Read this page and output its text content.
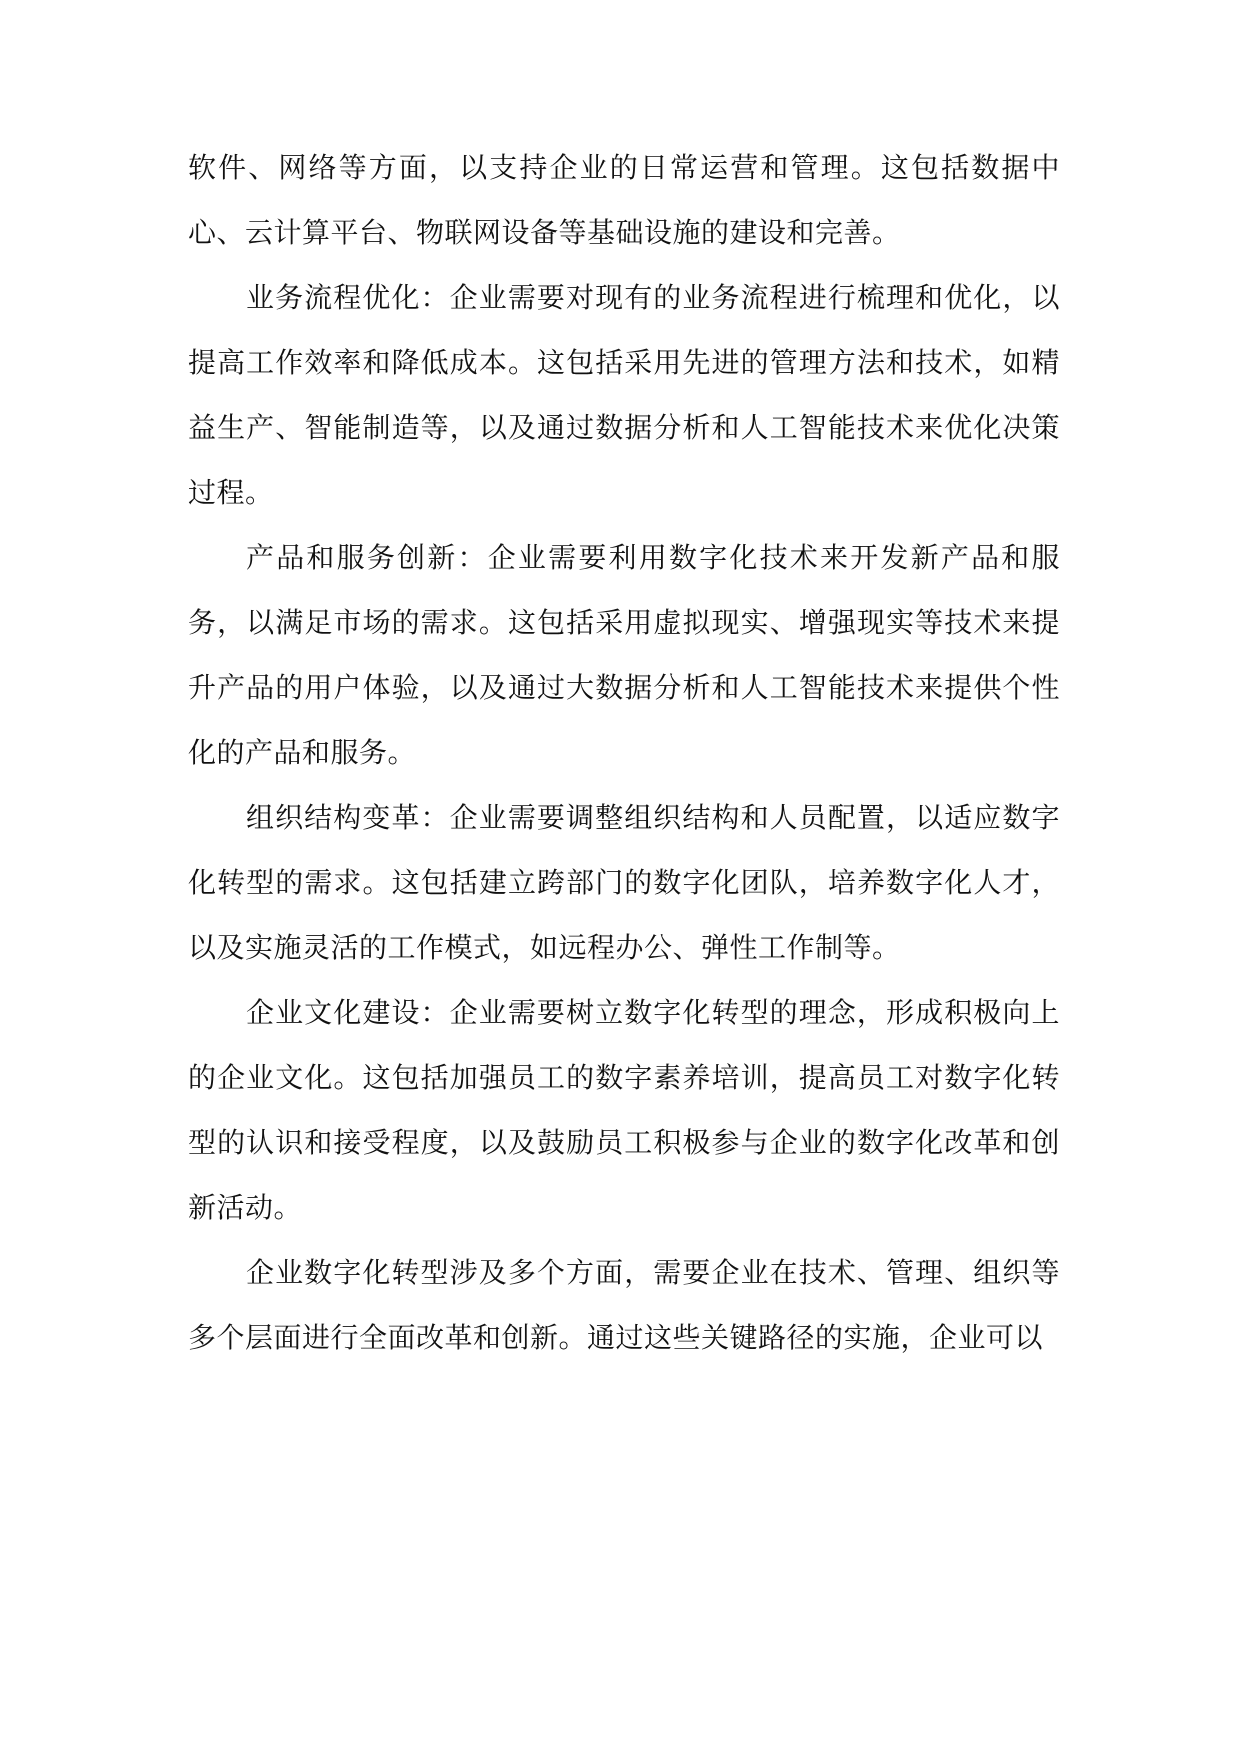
软件、网络等方面，以支持企业的日常运营和管理。这包括数据中心、云计算平台、物联网设备等基础设施的建设和完善。

业务流程优化：企业需要对现有的业务流程进行梳理和优化，以提高工作效率和降低成本。这包括采用先进的管理方法和技术，如精益生产、智能制造等，以及通过数据分析和人工智能技术来优化决策过程。

产品和服务创新：企业需要利用数字化技术来开发新产品和服务，以满足市场的需求。这包括采用虚拟现实、增强现实等技术来提升产品的用户体验，以及通过大数据分析和人工智能技术来提供个性化的产品和服务。

组织结构变革：企业需要调整组织结构和人员配置，以适应数字化转型的需求。这包括建立跨部门的数字化团队，培养数字化人才，以及实施灵活的工作模式，如远程办公、弹性工作制等。

企业文化建设：企业需要树立数字化转型的理念，形成积极向上的企业文化。这包括加强员工的数字素养培训，提高员工对数字化转型的认识和接受程度，以及鼓励员工积极参与企业的数字化改革和创新活动。

企业数字化转型涉及多个方面，需要企业在技术、管理、组织等多个层面进行全面改革和创新。通过这些关键路径的实施，企业可以
